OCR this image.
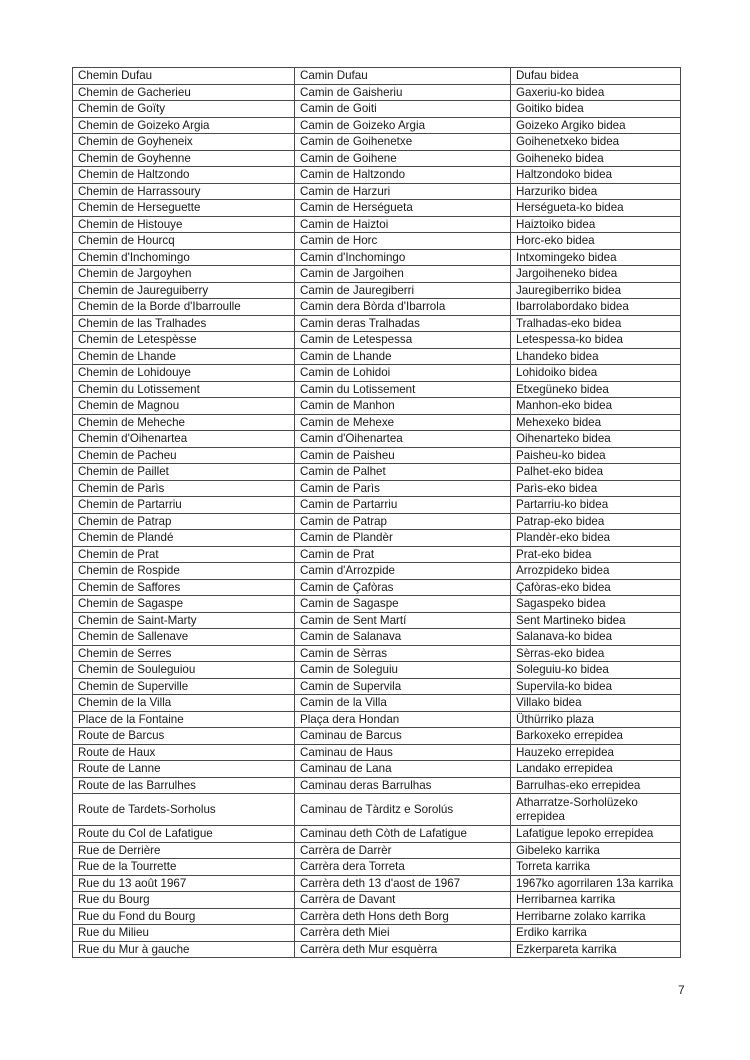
Chemin Dufau	Camin Dufau	Dufau bidea
Chemin de Gacherieu	Camin de Gaisheriu	Gaxeriu-ko bidea
Chemin de Goïty	Camin de Goiti	Goitiko bidea
Chemin de Goizeko Argia	Camin de Goizeko Argia	Goizeko Argiko bidea
Chemin de Goyheneix	Camin de Goihenetxe	Goihenetxeko bidea
Chemin de Goyhenne	Camin de Goihene	Goiheneko bidea
Chemin de Haltzondo	Camin de Haltzondo	Haltzondoko bidea
Chemin de Harrassoury	Camin de Harzuri	Harzuriko bidea
Chemin de Herseguette	Camin de Herségueta	Herségueta-ko bidea
Chemin de Histouye	Camin de Haiztoi	Haiztoiko bidea
Chemin de Hourcq	Camin de Horc	Horc-eko bidea
Chemin d'Inchomingo	Camin d'Inchomingo	Intxomingeko bidea
Chemin de Jargoyhen	Camin de Jargoihen	Jargoiheneko bidea
Chemin de Jaureguiberry	Camin de Jauregiberri	Jauregiberriko bidea
Chemin de la Borde d'Ibarroulle	Camin dera Bòrda d'Ibarrola	Ibarrolabordako bidea
Chemin de las Tralhades	Camin deras Tralhadas	Tralhadas-eko bidea
Chemin de Letespèsse	Camin de Letespessa	Letespessa-ko bidea
Chemin de Lhande	Camin de Lhande	Lhandeko bidea
Chemin de Lohidouye	Camin de Lohidoi	Lohidoiko bidea
Chemin du Lotissement	Camin du Lotissement	Etxegüneko bidea
Chemin de Magnou	Camin de Manhon	Manhon-eko bidea
Chemin de Meheche	Camin de Mehexe	Mehexeko bidea
Chemin d'Oihenartea	Camin d'Oihenartea	Oihenarteko bidea
Chemin de Pacheu	Camin de Paisheu	Paisheu-ko bidea
Chemin de Paillet	Camin de Palhet	Palhet-eko bidea
Chemin de Parìs	Camin de Parìs	Parìs-eko bidea
Chemin de Partarriu	Camin de Partarriu	Partarriu-ko bidea
Chemin de Patrap	Camin de Patrap	Patrap-eko bidea
Chemin de Plandé	Camin de Plandèr	Plandèr-eko bidea
Chemin de Prat	Camin de Prat	Prat-eko bidea
Chemin de Rospide	Camin d'Arrozpide	Arrozpideko bidea
Chemin de Saffores	Camin de Çafòras	Çafòras-eko bidea
Chemin de Sagaspe	Camin de Sagaspe	Sagaspeko bidea
Chemin de Saint-Marty	Camin de Sent Martí	Sent Martineko bidea
Chemin de Sallenave	Camin de Salanava	Salanava-ko bidea
Chemin de Serres	Camin de Sèrras	Sèrras-eko bidea
Chemin de Souleguiou	Camin de Soleguiu	Soleguiu-ko bidea
Chemin de Superville	Camin de Supervila	Supervila-ko bidea
Chemin de la Villa	Camin de la Villa	Villako bidea
Place de la Fontaine	Plaça dera Hondan	Üthürriko plaza
Route de Barcus	Caminau de Barcus	Barkoxeko errepidea
Route de Haux	Caminau de Haus	Hauzeko errepidea
Route de Lanne	Caminau de Lana	Landako errepidea
Route de las Barrulhes	Caminau deras Barrulhas	Barrulhas-eko errepidea
Route de Tardets-Sorholus	Caminau de Tàrditz e Sorolús	Atharratze-Sorholüzeko errepidea
Route du Col de Lafatigue	Caminau deth Còth de Lafatigue	Lafatigue lepoko errepidea
Rue de Derrière	Carrèra de Darrèr	Gibeleko karrika
Rue de la Tourrette	Carrèra dera Torreta	Torreta karrika
Rue du 13 août 1967	Carrèra deth 13 d'aost de 1967	1967ko agorrilaren 13a karrika
Rue du Bourg	Carrèra de Davant	Herribarnea karrika
Rue du Fond du Bourg	Carrèra deth Hons deth Borg	Herribarne zolako karrika
Rue du Milieu	Carrèra deth Miei	Erdiko karrika
Rue du Mur à gauche	Carrèra deth Mur esquèrra	Ezkerpareta karrika
7
